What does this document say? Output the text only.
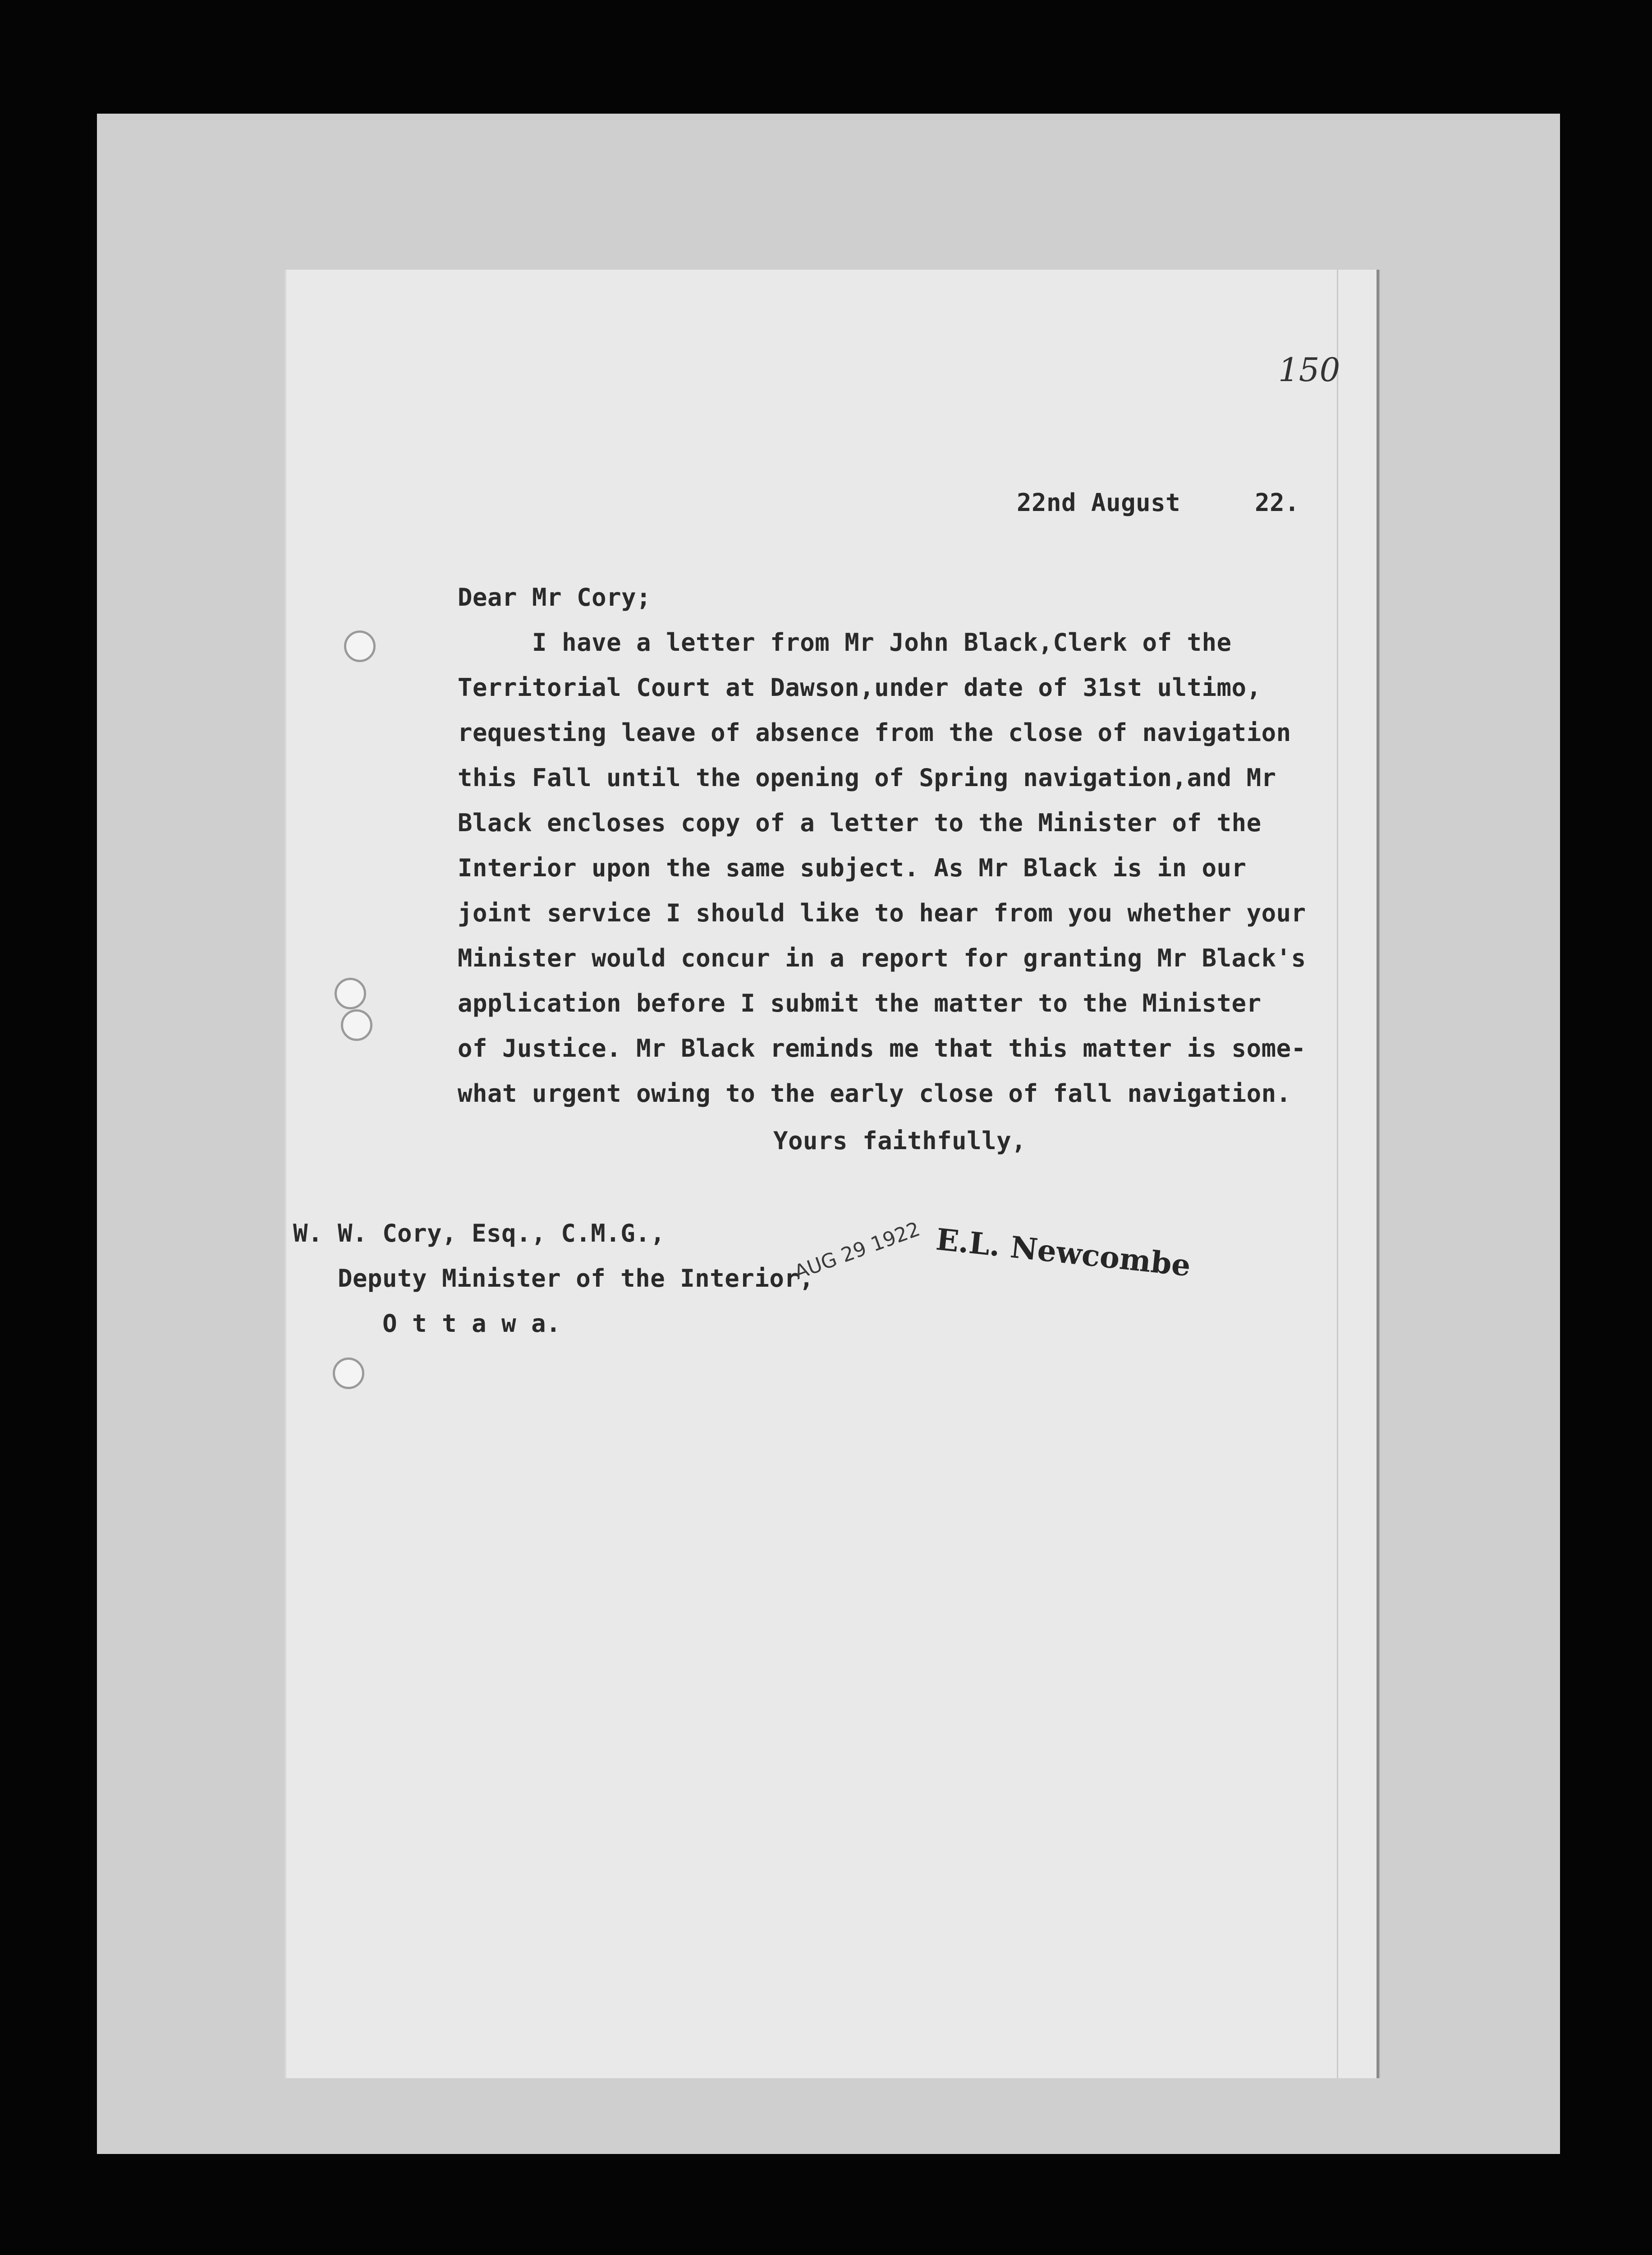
150
22nd August     22.
Dear Mr Cory;
I have a letter from Mr John Black,Clerk of the
Territorial Court at Dawson,under date of 31st ultimo,
requesting leave of absence from the close of navigation
this Fall until the opening of Spring navigation,and Mr
Black encloses copy of a letter to the Minister of the
Interior upon the same subject. As Mr Black is in our
joint service I should like to hear from you whether your
Minister would concur in a report for granting Mr Black's
application before I submit the matter to the Minister
of Justice. Mr Black reminds me that this matter is some-
what urgent owing to the early close of fall navigation.
Yours faithfully,
W. W. Cory, Esq., C.M.G.,
Deputy Minister of the Interior,
O t t a w a.
AUG 29 1922 E.L. Newcombe
